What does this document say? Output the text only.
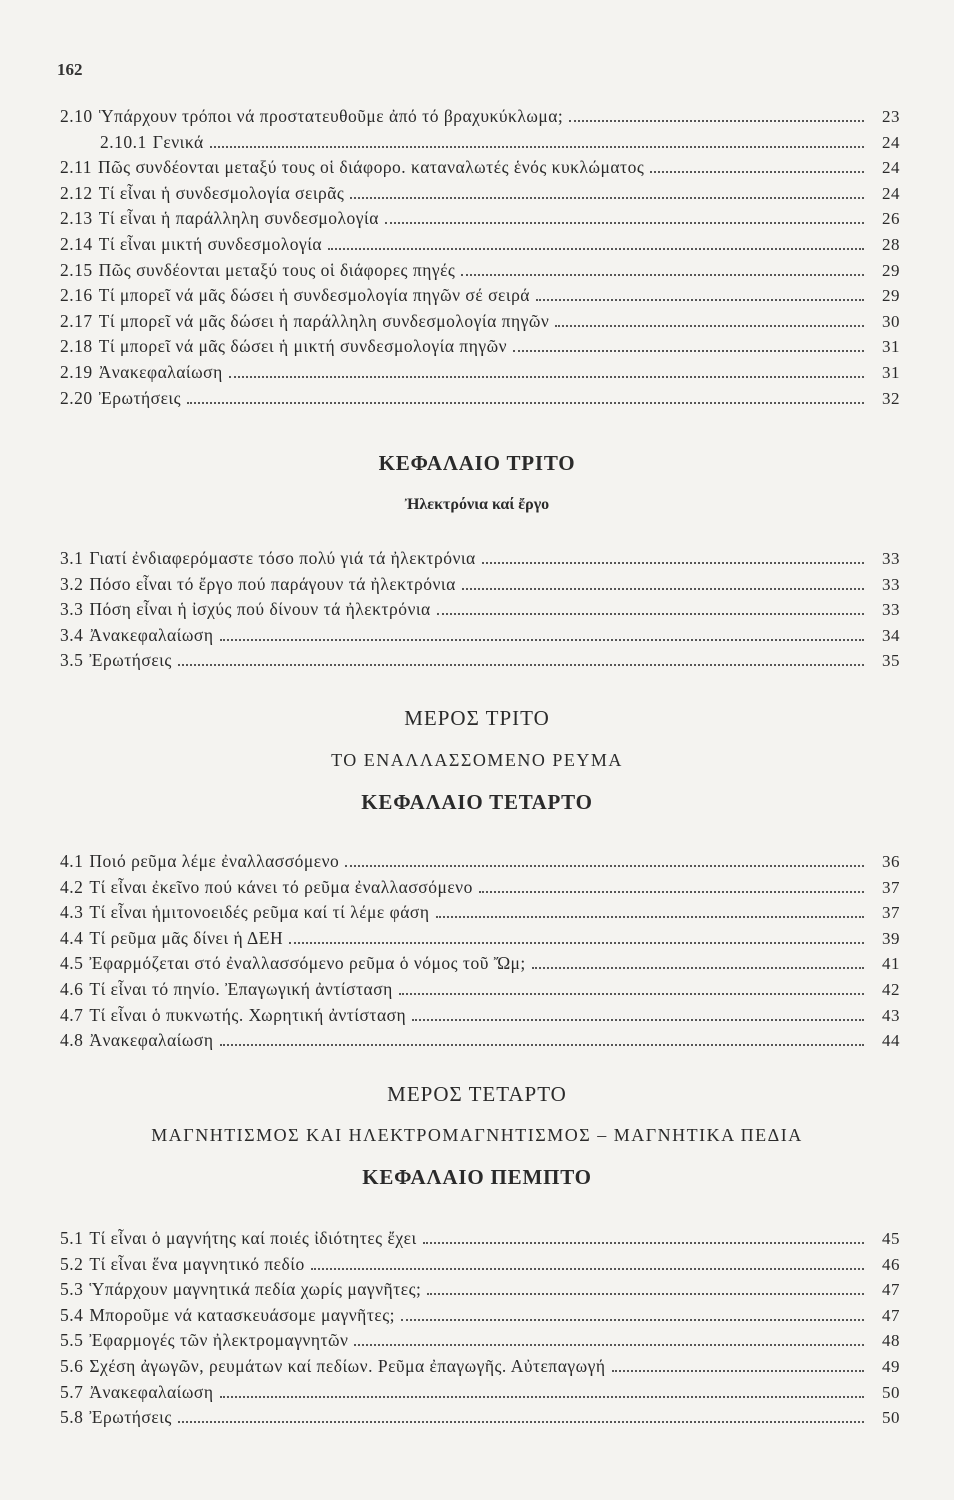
162
2.10 Ὑπάρχουν τρόποι νά προστατευθοῦμε ἀπό τό βραχυκύκλωμα;	23
2.10.1 Γενικά	24
2.11 Πῶς συνδέονται μεταξύ τους οἱ διάφορο. καταναλωτές ἑνός κυκλώματος	24
2.12 Τί εἶναι ἡ συνδεσμολογία σειρᾶς	24
2.13 Τί εἶναι ἡ παράλληλη συνδεσμολογία	26
2.14 Τί εἶναι μικτή συνδεσμολογία	28
2.15 Πῶς συνδέονται μεταξύ τους οἱ διάφορες πηγές	29
2.16 Τί μπορεῖ νά μᾶς δώσει ἡ συνδεσμολογία πηγῶν σέ σειρά	29
2.17 Τί μπορεῖ νά μᾶς δώσει ἡ παράλληλη συνδεσμολογία πηγῶν	30
2.18 Τί μπορεῖ νά μᾶς δώσει ἡ μικτή συνδεσμολογία πηγῶν	31
2.19 Ἀνακεφαλαίωση	31
2.20 Ἐρωτήσεις	32
ΚΕΦΑΛΑΙΟ ΤΡΙΤΟ
Ἠλεκτρόνια καί ἔργο
3.1 Γιατί ἐνδιαφερόμαστε τόσο πολύ γιά τά ἠλεκτρόνια	33
3.2 Πόσο εἶναι τό ἔργο πού παράγουν τά ἠλεκτρόνια	33
3.3 Πόση εἶναι ἡ ἰσχύς πού δίνουν τά ἠλεκτρόνια	33
3.4 Ἀνακεφαλαίωση	34
3.5 Ἐρωτήσεις	35
ΜΕΡΟΣ ΤΡΙΤΟ
ΤΟ ΕΝΑΛΛΑΣΣΟΜΕΝΟ ΡΕΥΜΑ
ΚΕΦΑΛΑΙΟ ΤΕΤΑΡΤΟ
4.1 Ποιό ρεῦμα λέμε ἐναλλασσόμενο	36
4.2 Τί εἶναι ἐκεῖνο πού κάνει τό ρεῦμα ἐναλλασσόμενο	37
4.3 Τί εἶναι ἡμιτονοειδές ρεῦμα καί τί λέμε φάση	37
4.4 Τί ρεῦμα μᾶς δίνει ἡ ΔΕΗ	39
4.5 Ἐφαρμόζεται στό ἐναλλασσόμενο ρεῦμα ὁ νόμος τοῦ Ὤμ;	41
4.6 Τί εἶναι τό πηνίο. Ἐπαγωγική ἀντίσταση	42
4.7 Τί εἶναι ὁ πυκνωτής. Χωρητική ἀντίσταση	43
4.8 Ἀνακεφαλαίωση	44
ΜΕΡΟΣ ΤΕΤΑΡΤΟ
ΜΑΓΝΗΤΙΣΜΟΣ ΚΑΙ ΗΛΕΚΤΡΟΜΑΓΝΗΤΙΣΜΟΣ – ΜΑΓΝΗΤΙΚΑ ΠΕΔΙΑ
ΚΕΦΑΛΑΙΟ ΠΕΜΠΤΟ
5.1 Τί εἶναι ὁ μαγνήτης καί ποιές ἰδιότητες ἔχει	45
5.2 Τί εἶναι ἕνα μαγνητικό πεδίο	46
5.3 Ὑπάρχουν μαγνητικά πεδία χωρίς μαγνῆτες;	47
5.4 Μποροῦμε νά κατασκευάσομε μαγνῆτες;	47
5.5 Ἐφαρμογές τῶν ἠλεκτρομαγνητῶν	48
5.6 Σχέση ἀγωγῶν, ρευμάτων καί πεδίων. Ρεῦμα ἐπαγωγῆς. Αὐτεπαγωγή	49
5.7 Ἀνακεφαλαίωση	50
5.8 Ἐρωτήσεις	50
